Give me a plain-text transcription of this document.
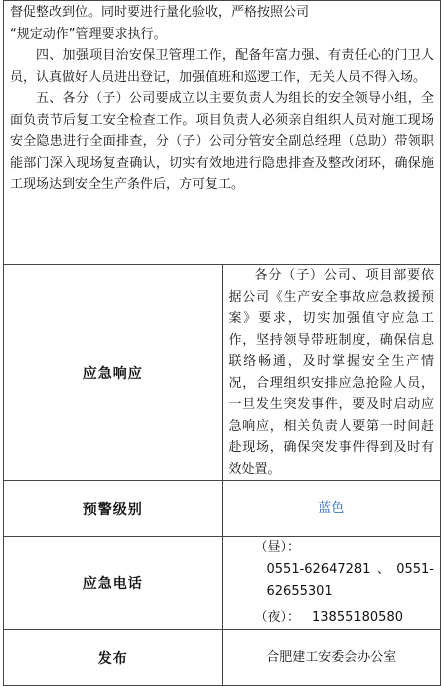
督促整改到位。同时要进行量化验收，严格按照公司

“规定动作”管理要求执行。

四、加强项目治安保卫管理工作，配备年富力强、有责任心的门卫人员，认真做好人员进出登记，加强值班和巡逻工作，无关人员不得入场。

五、各分（子）公司要成立以主要负责人为组长的安全领导小组，全面负责节后复工安全检查工作。项目负责人必须亲自组织人员对施工现场安全隐患进行全面排查，分（子）公司分管安全副总经理（总助）带领职能部门深入现场复查确认，切实有效地进行隐患排查及整改闭环，确保施工现场达到安全生产条件后，方可复工。	

应急响应	各分（子）公司、项目部要依据公司《生产安全事故应急救援预案》要求，切实加强值守应急工作，坚持领导带班制度，确保信息联络畅通，及时掌握安全生产情况，合理组织安排应急抢险人员，一旦发生突发事件，要及时启动应急响应，相关负责人要第一时间赶赴现场，确保突发事件得到及时有效处置。

预警级别	蓝色

应急电话	（昼）：0551-62647281、0551-62655301

（夜）： 13855180580

发布	合肥建工安委会办公室
